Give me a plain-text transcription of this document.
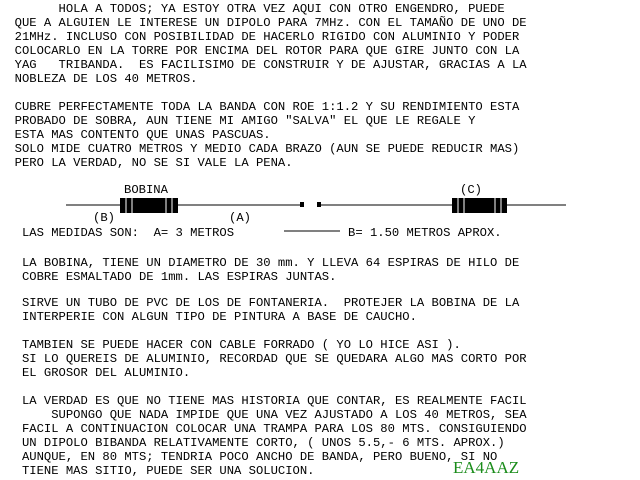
HOLA A TODOS; YA ESTOY OTRA VEZ AQUI CON OTRO ENGENDRO, PUEDE
QUE A ALGUIEN LE INTERESE UN DIPOLO PARA 7MHz. CON EL TAMAÑO DE UNO DE
21MHz. INCLUSO CON POSIBILIDAD DE HACERLO RIGIDO CON ALUMINIO Y PODER
COLOCARLO EN LA TORRE POR ENCIMA DEL ROTOR PARA QUE GIRE JUNTO CON LA
YAG   TRIBANDA.  ES FACILISIMO DE CONSTRUIR Y DE AJUSTAR, GRACIAS A LA
NOBLEZA DE LOS 40 METROS.
CUBRE PERFECTAMENTE TODA LA BANDA CON ROE 1:1.2 Y SU RENDIMIENTO ESTA
PROBADO DE SOBRA, AUN TIENE MI AMIGO "SALVA" EL QUE LE REGALE Y
ESTA MAS CONTENTO QUE UNAS PASCUAS.
SOLO MIDE CUATRO METROS Y MEDIO CADA BRAZO (AUN SE PUEDE REDUCIR MAS)
PERO LA VERDAD, NO SE SI VALE LA PENA.
BOBINA	(C)
(B)	(A)
LAS MEDIDAS SON:  A= 3 METROS	B= 1.50 METROS APROX.
LA BOBINA, TIENE UN DIAMETRO DE 30 mm. Y LLEVA 64 ESPIRAS DE HILO DE
COBRE ESMALTADO DE 1mm. LAS ESPIRAS JUNTAS.
SIRVE UN TUBO DE PVC DE LOS DE FONTANERIA.  PROTEJER LA BOBINA DE LA
INTERPERIE CON ALGUN TIPO DE PINTURA A BASE DE CAUCHO.
TAMBIEN SE PUEDE HACER CON CABLE FORRADO ( YO LO HICE ASI ).
SI LO QUEREIS DE ALUMINIO, RECORDAD QUE SE QUEDARA ALGO MAS CORTO POR
EL GROSOR DEL ALUMINIO.
LA VERDAD ES QUE NO TIENE MAS HISTORIA QUE CONTAR, ES REALMENTE FACIL
SUPONGO QUE NADA IMPIDE QUE UNA VEZ AJUSTADO A LOS 40 METROS, SEA
FACIL A CONTINUACION COLOCAR UNA TRAMPA PARA LOS 80 MTS. CONSIGUIENDO
UN DIPOLO BIBANDA RELATIVAMENTE CORTO, ( UNOS 5.5,- 6 MTS. APROX.)
AUNQUE, EN 80 MTS; TENDRIA POCO ANCHO DE BANDA, PERO BUENO, SI NO
TIENE MAS SITIO, PUEDE SER UNA SOLUCION.	EA4AAZ
